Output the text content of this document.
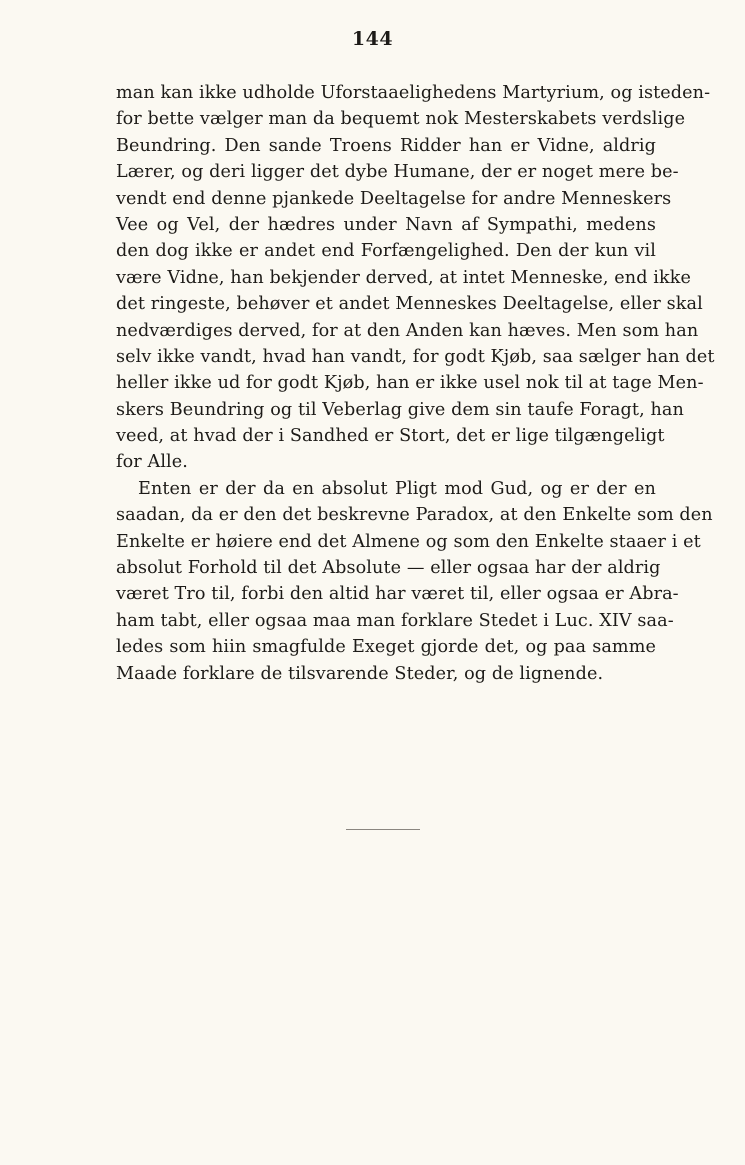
144
man kan ikke udholde Uforstaaelighedens Martyrium, og isteden-
for bette vælger man da bequemt nok Mesterskabets verdslige
Beundring. Den sande Troens Ridder han er Vidne, aldrig
Lærer, og deri ligger det dybe Humane, der er noget mere be-
vendt end denne pjankede Deeltagelse for andre Menneskers
Vee og Vel, der hædres under Navn af Sympathi, medens
den dog ikke er andet end Forfængelighed. Den der kun vil
være Vidne, han bekjender derved, at intet Menneske, end ikke
det ringeste, behøver et andet Menneskes Deeltagelse, eller skal
nedværdiges derved, for at den Anden kan hæves. Men som han
selv ikke vandt, hvad han vandt, for godt Kjøb, saa sælger han det
heller ikke ud for godt Kjøb, han er ikke usel nok til at tage Men-
skers Beundring og til Veberlag give dem sin taufe Foragt, han
veed, at hvad der i Sandhed er Stort, det er lige tilgængeligt
for Alle.
Enten er der da en absolut Pligt mod Gud, og er der en
saadan, da er den det beskrevne Paradox, at den Enkelte som den
Enkelte er høiere end det Almene og som den Enkelte staaer i et
absolut Forhold til det Absolute — eller ogsaa har der aldrig
været Tro til, forbi den altid har været til, eller ogsaa er Abra-
ham tabt, eller ogsaa maa man forklare Stedet i Luc. XIV saa-
ledes som hiin smagfulde Exeget gjorde det, og paa samme
Maade forklare de tilsvarende Steder, og de lignende.
